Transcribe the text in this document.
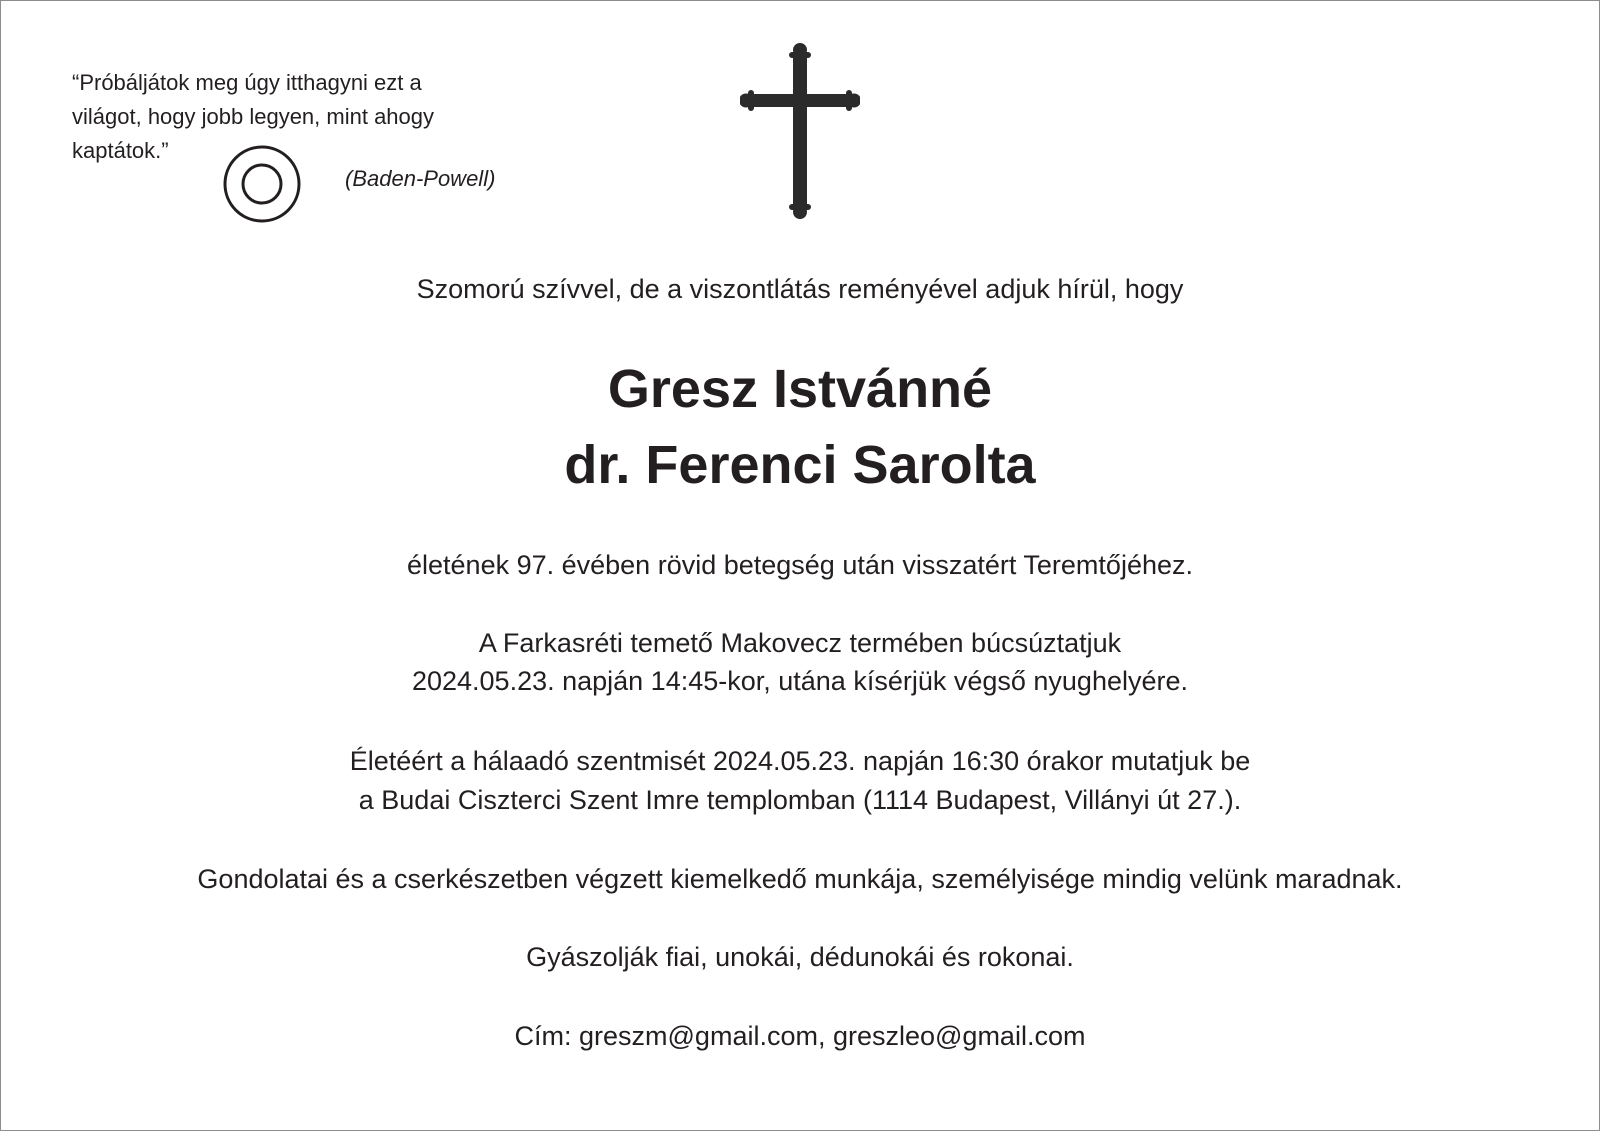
“Próbáljátok meg úgy itthagyni ezt a világot, hogy jobb legyen, mint ahogy kaptátok.”
(Baden-Powell)
Szomorú szívvel, de a viszontlátás reményével adjuk hírül, hogy
Gresz Istvánné
dr. Ferenci Sarolta
életének 97. évében rövid betegség után visszatért Teremtőjéhez.
A Farkasréti temető Makovecz termében búcsúztatjuk
2024.05.23. napján 14:45-kor, utána kísérjük végső nyughelyére.
Életéért a hálaadó szentmisét 2024.05.23. napján 16:30 órakor mutatjuk be
a Budai Ciszterci Szent Imre templomban (1114 Budapest, Villányi út 27.).
Gondolatai és a cserkészetben végzett kiemelkedő munkája, személyisége mindig velünk maradnak.
Gyászolják fiai, unokái, dédunokái és rokonai.
Cím: greszm@gmail.com, greszleo@gmail.com
